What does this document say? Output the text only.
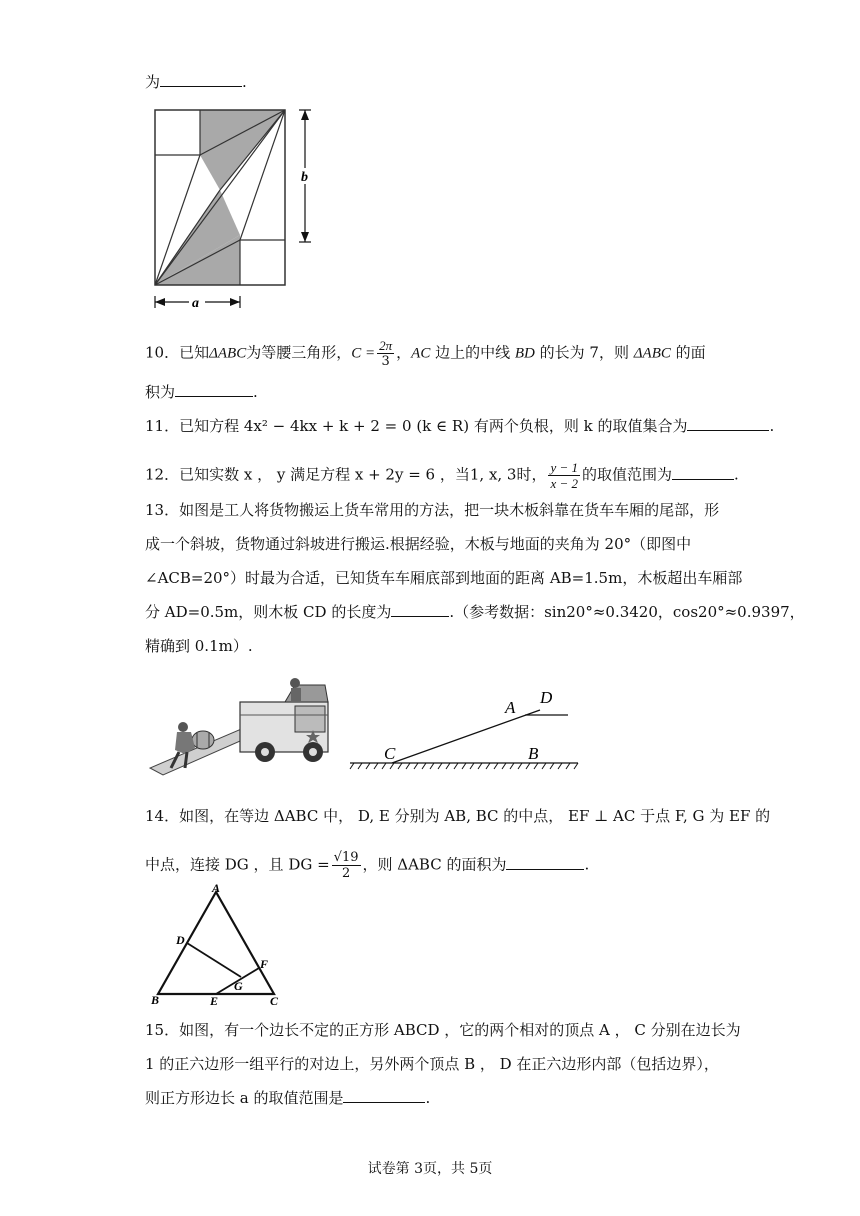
为	.
b
a
10．已知ΔABC为等腰三角形，$C = \frac{2\pi}{3}$ ，AC 边上的中线 BD 的长为 7，则 ΔABC 的面
积为	.
11．已知方程 4x² − 4kx + k + 2 = 0 (k ∈ R) 有两个负根，则 k 的取值集合为	.
12．已知实数 x ， y 满足方程 x + 2y = 6 ，当1, x, 3时， $\frac{y - 1}{x - 2}$ 的取值范围为	.
13．如图是工人将货物搬运上货车常用的方法，把一块木板斜靠在货车车厢的尾部，形
成一个斜坡，货物通过斜坡进行搬运.根据经验，木板与地面的夹角为 20°（即图中
∠ACB=20°）时最为合适，已知货车车厢底部到地面的距离 AB=1.5m，木板超出车厢部
分 AD=0.5m，则木板 CD 的长度为	.（参考数据：sin20°≈0.3420，cos20°≈0.9397，
精确到 0.1m）.
C	B
A
D
14．如图，在等边 ΔABC 中， D, E 分别为 AB, BC 的中点， EF ⊥ AC 于点 F, G 为 EF 的
中点，连接 DG ，且 DG = $\frac{√19}{2}$ ，则 ΔABC 的面积为	.
A
D
B	E	C
F
G
15．如图，有一个边长不定的正方形 ABCD ，它的两个相对的顶点 A ， C 分别在边长为
1 的正六边形一组平行的对边上，另外两个顶点 B ， D 在正六边形内部（包括边界），
则正方形边长 a 的取值范围是	.
试卷第 3页，共 5页
